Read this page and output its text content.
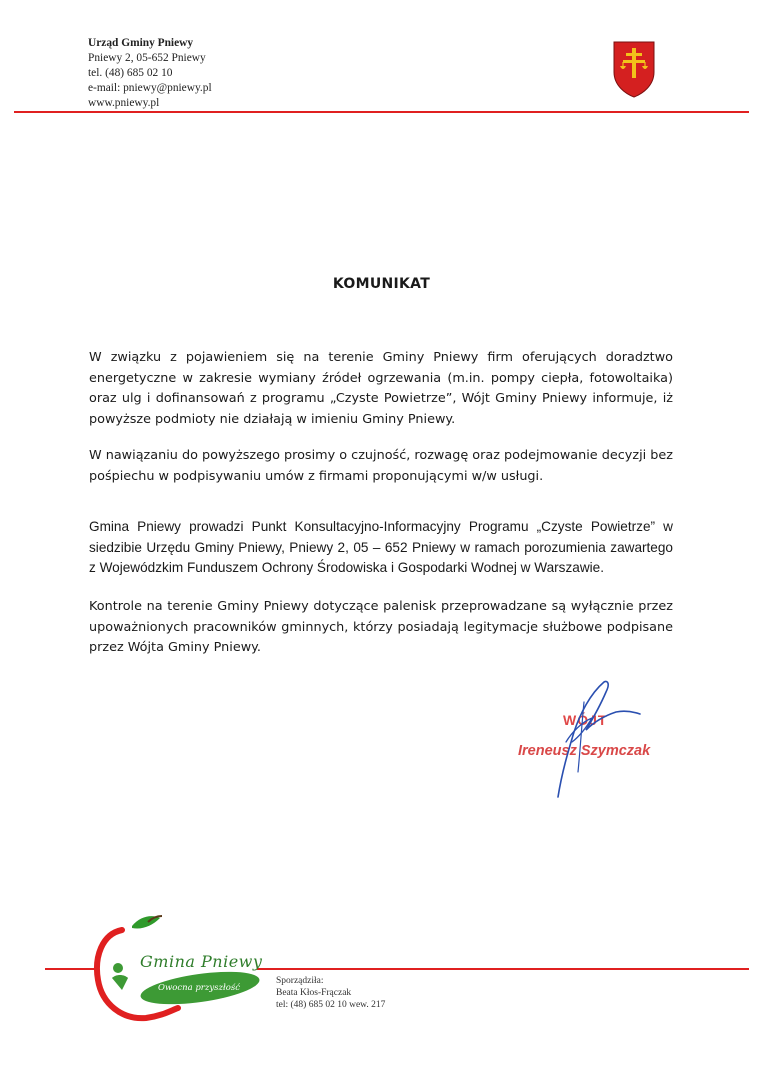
Urząd Gminy Pniewy
Pniewy 2, 05-652 Pniewy
tel. (48) 685 02 10
e-mail: pniewy@pniewy.pl
www.pniewy.pl
KOMUNIKAT
W związku z pojawieniem się na terenie Gminy Pniewy firm oferujących doradztwo energetyczne w zakresie wymiany źródeł ogrzewania (m.in. pompy ciepła, fotowoltaika) oraz ulg i dofinansowań z programu „Czyste Powietrze”, Wójt Gminy Pniewy informuje, iż powyższe podmioty nie działają w imieniu Gminy Pniewy.
W nawiązaniu do powyższego prosimy o czujność, rozwagę oraz podejmowanie decyzji bez pośpiechu w podpisywaniu umów z firmami proponującymi w/w usługi.
Gmina Pniewy prowadzi Punkt Konsultacyjno-Informacyjny Programu „Czyste Powietrze” w siedzibie Urzędu Gminy Pniewy, Pniewy 2, 05 – 652 Pniewy w ramach porozumienia zawartego z Wojewódzkim Funduszem Ochrony Środowiska i Gospodarki Wodnej w Warszawie.
Kontrole na terenie Gminy Pniewy dotyczące palenisk przeprowadzane są wyłącznie przez upoważnionych pracowników gminnych, którzy posiadają legitymacje służbowe podpisane przez Wójta Gminy Pniewy.
WÓJT
Ireneusz Szymczak
Gmina Pniewy
Owocna przyszłość
Sporządziła:
Beata Kłos-Frączak
tel: (48) 685 02 10 wew. 217
